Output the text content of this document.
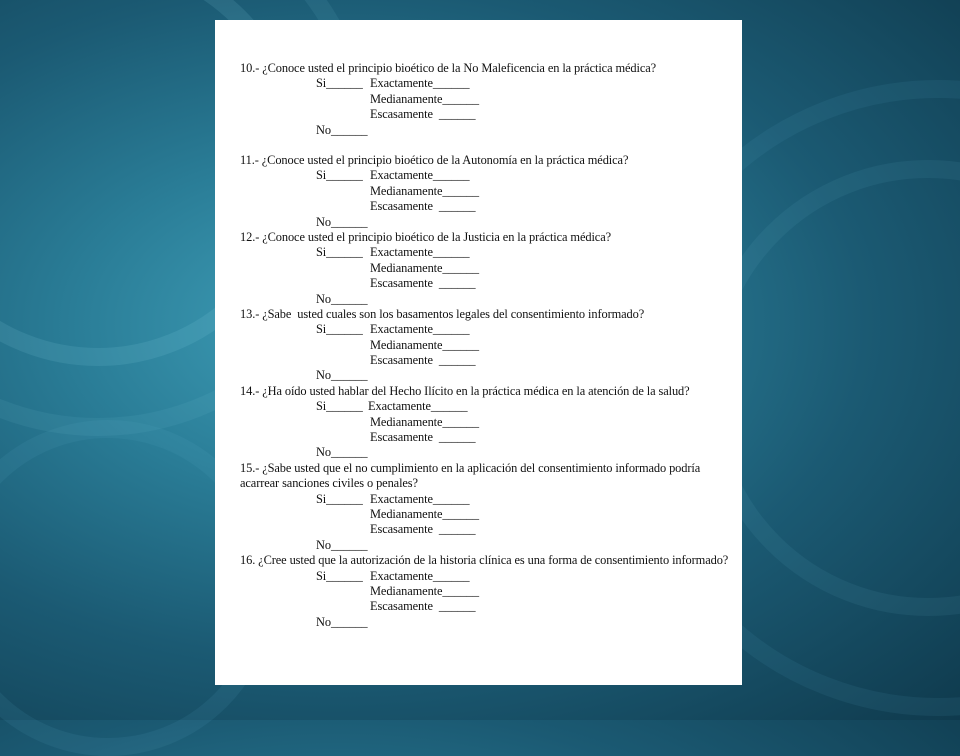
10.- ¿Conoce usted el principio bioético de la No Maleficencia en la práctica médica?
Si______ Exactamente______
Medianamente______
Escasamente  ______
No______
11.- ¿Conoce usted el principio bioético de la Autonomía en la práctica médica?
Si______ Exactamente______
Medianamente______
Escasamente  ______
No______
12.- ¿Conoce usted el principio bioético de la Justicia en la práctica médica?
Si______ Exactamente______
Medianamente______
Escasamente  ______
No______
13.- ¿Sabe  usted cuales son los basamentos legales del consentimiento informado?
Si______ Exactamente______
Medianamente______
Escasamente  ______
No______
14.- ¿Ha oído usted hablar del Hecho Ilícito en la práctica médica en la atención de la salud?
Si______ Exactamente______
Medianamente______
Escasamente  ______
No______
15.- ¿Sabe usted que el no cumplimiento en la aplicación del consentimiento informado podría acarrear sanciones civiles o penales?
Si______ Exactamente______
Medianamente______
Escasamente  ______
No______
16. ¿Cree usted que la autorización de la historia clínica es una forma de consentimiento informado?
Si______ Exactamente______
Medianamente______
Escasamente  ______
No______
